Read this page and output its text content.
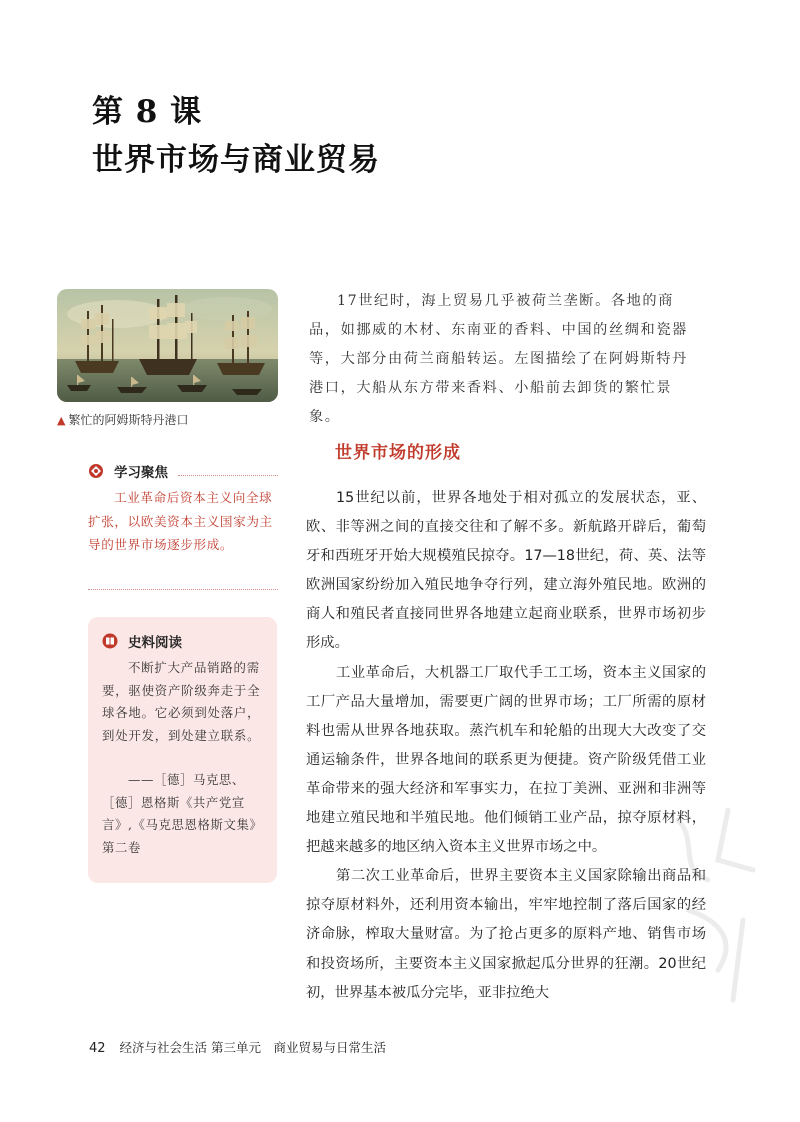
第 8 课
世界市场与商业贸易
▲ 繁忙的阿姆斯特丹港口

17世纪时，海上贸易几乎被荷兰垄断。各地的商品，如挪威的木材、东南亚的香料、中国的丝绸和瓷器等，大部分由荷兰商船转运。左图描绘了在阿姆斯特丹港口，大船从东方带来香料、小船前去卸货的繁忙景象。

世界市场的形成

15世纪以前，世界各地处于相对孤立的发展状态，亚、欧、非等洲之间的直接交往和了解不多。新航路开辟后，葡萄牙和西班牙开始大规模殖民掠夺。17—18世纪，荷、英、法等欧洲国家纷纷加入殖民地争夺行列，建立海外殖民地。欧洲的商人和殖民者直接同世界各地建立起商业联系，世界市场初步形成。

工业革命后，大机器工厂取代手工工场，资本主义国家的工厂产品大量增加，需要更广阔的世界市场；工厂所需的原材料也需从世界各地获取。蒸汽机车和轮船的出现大大改变了交通运输条件，世界各地间的联系更为便捷。资产阶级凭借工业革命带来的强大经济和军事实力，在拉丁美洲、亚洲和非洲等地建立殖民地和半殖民地。他们倾销工业产品，掠夺原材料，把越来越多的地区纳入资本主义世界市场之中。

第二次工业革命后，世界主要资本主义国家除输出商品和掠夺原材料外，还利用资本输出，牢牢地控制了落后国家的经济命脉，榨取大量财富。为了抢占更多的原料产地、销售市场和投资场所，主要资本主义国家掀起瓜分世界的狂潮。20世纪初，世界基本被瓜分完毕，亚非拉绝大

学习聚焦

工业革命后资本主义向全球扩张，以欧美资本主义国家为主导的世界市场逐步形成。

史料阅读

不断扩大产品销路的需要，驱使资产阶级奔走于全球各地。它必须到处落户，到处开发，到处建立联系。

——［德］马克思、［德］恩格斯《共产党宣言》,《马克思恩格斯文集》第二卷

42 经济与社会生活 第三单元　商业贸易与日常生活
